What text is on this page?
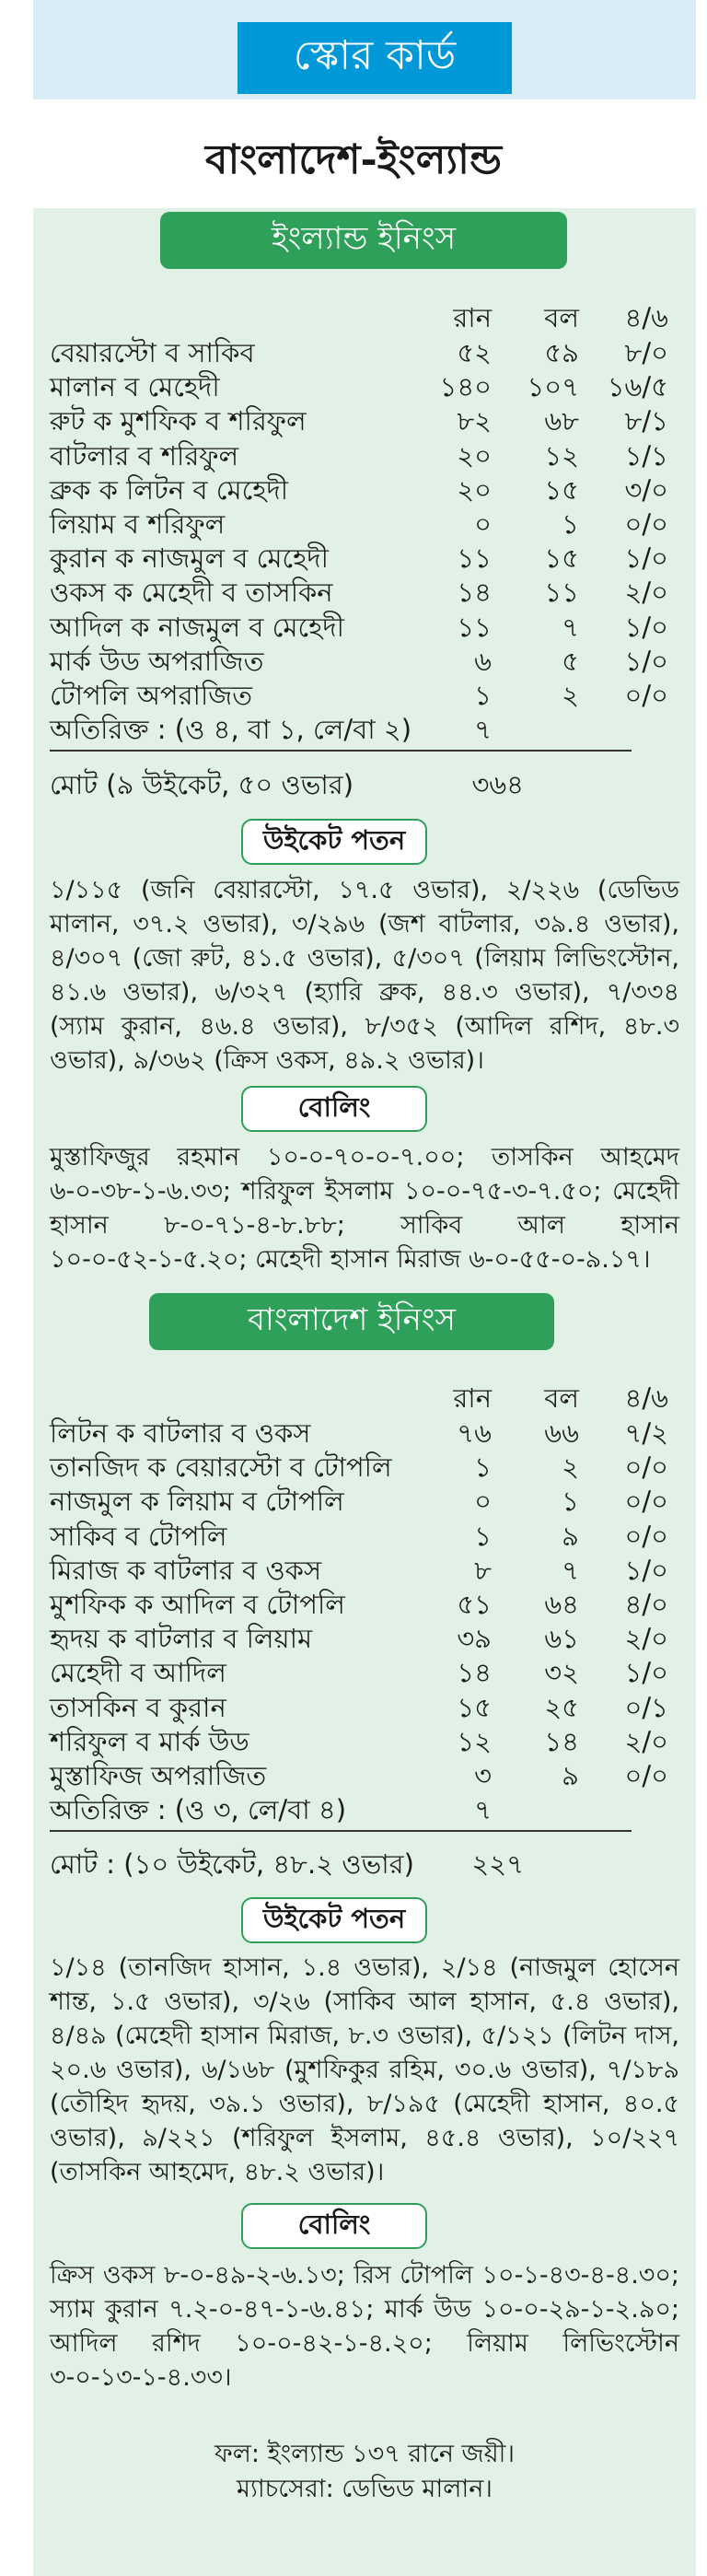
স্কোর কার্ড
বাংলাদেশ-ইংল্যান্ড
ইংল্যান্ড ইনিংস
রান	বল	৪/৬
বেয়ারস্টো ব সাকিব	৫২	৫৯	৮/০
মালান ব মেহেদী	১৪০	১০৭	১৬/৫
রুট ক মুশফিক ব শরিফুল	৮২	৬৮	৮/১
বাটলার ব শরিফুল	২০	১২	১/১
ব্রুক ক লিটন ব মেহেদী	২০	১৫	৩/০
লিয়াম ব শরিফুল	০	১	০/০
কুরান ক নাজমুল ব মেহেদী	১১	১৫	১/০
ওকস ক মেহেদী ব তাসকিন	১৪	১১	২/০
আদিল ক নাজমুল ব মেহেদী	১১	৭	১/০
মার্ক উড অপরাজিত	৬	৫	১/০
টোপলি অপরাজিত	১	২	০/০
অতিরিক্ত : (ও ৪, বা ১, লে/বা ২)	৭
মোট (৯ উইকেট, ৫০ ওভার)	৩৬৪
উইকেট পতন
১/১১৫ (জনি বেয়ারস্টো, ১৭.৫ ওভার), ২/২২৬ (ডেভিড মালান, ৩৭.২ ওভার), ৩/২৯৬ (জশ বাটলার, ৩৯.৪ ওভার), ৪/৩০৭ (জো রুট, ৪১.৫ ওভার), ৫/৩০৭ (লিয়াম লিভিংস্টোন, ৪১.৬ ওভার), ৬/৩২৭ (হ্যারি ব্রুক, ৪৪.৩ ওভার), ৭/৩৩৪ (স্যাম কুরান, ৪৬.৪ ওভার), ৮/৩৫২ (আদিল রশিদ, ৪৮.৩ ওভার), ৯/৩৬২ (ক্রিস ওকস, ৪৯.২ ওভার)।
বোলিং
মুস্তাফিজুর রহমান ১০-০-৭০-০-৭.০০; তাসকিন আহমেদ ৬-০-৩৮-১-৬.৩৩; শরিফুল ইসলাম ১০-০-৭৫-৩-৭.৫০; মেহেদী হাসান ৮-০-৭১-৪-৮.৮৮; সাকিব আল হাসান ১০-০-৫২-১-৫.২০; মেহেদী হাসান মিরাজ ৬-০-৫৫-০-৯.১৭।
বাংলাদেশ ইনিংস
রান	বল	৪/৬
লিটন ক বাটলার ব ওকস	৭৬	৬৬	৭/২
তানজিদ ক বেয়ারস্টো ব টোপলি	১	২	০/০
নাজমুল ক লিয়াম ব টোপলি	০	১	০/০
সাকিব ব টোপলি	১	৯	০/০
মিরাজ ক বাটলার ব ওকস	৮	৭	১/০
মুশফিক ক আদিল ব টোপলি	৫১	৬৪	৪/০
হৃদয় ক বাটলার ব লিয়াম	৩৯	৬১	২/০
মেহেদী ব আদিল	১৪	৩২	১/০
তাসকিন ব কুরান	১৫	২৫	০/১
শরিফুল ব মার্ক উড	১২	১৪	২/০
মুস্তাফিজ অপরাজিত	৩	৯	০/০
অতিরিক্ত : (ও ৩, লে/বা ৪)	৭
মোট : (১০ উইকেট, ৪৮.২ ওভার)	২২৭
উইকেট পতন
১/১৪ (তানজিদ হাসান, ১.৪ ওভার), ২/১৪ (নাজমুল হোসেন শান্ত, ১.৫ ওভার), ৩/২৬ (সাকিব আল হাসান, ৫.৪ ওভার), ৪/৪৯ (মেহেদী হাসান মিরাজ, ৮.৩ ওভার), ৫/১২১ (লিটন দাস, ২০.৬ ওভার), ৬/১৬৮ (মুশফিকুর রহিম, ৩০.৬ ওভার), ৭/১৮৯ (তৌহিদ হৃদয়, ৩৯.১ ওভার), ৮/১৯৫ (মেহেদী হাসান, ৪০.৫ ওভার), ৯/২২১ (শরিফুল ইসলাম, ৪৫.৪ ওভার), ১০/২২৭ (তাসকিন আহমেদ, ৪৮.২ ওভার)।
বোলিং
ক্রিস ওকস ৮-০-৪৯-২-৬.১৩; রিস টোপলি ১০-১-৪৩-৪-৪.৩০; স্যাম কুরান ৭.২-০-৪৭-১-৬.৪১; মার্ক উড ১০-০-২৯-১-২.৯০; আদিল রশিদ ১০-০-৪২-১-৪.২০; লিয়াম লিভিংস্টোন ৩-০-১৩-১-৪.৩৩।
ফল: ইংল্যান্ড ১৩৭ রানে জয়ী।
ম্যাচসেরা: ডেভিড মালান।
